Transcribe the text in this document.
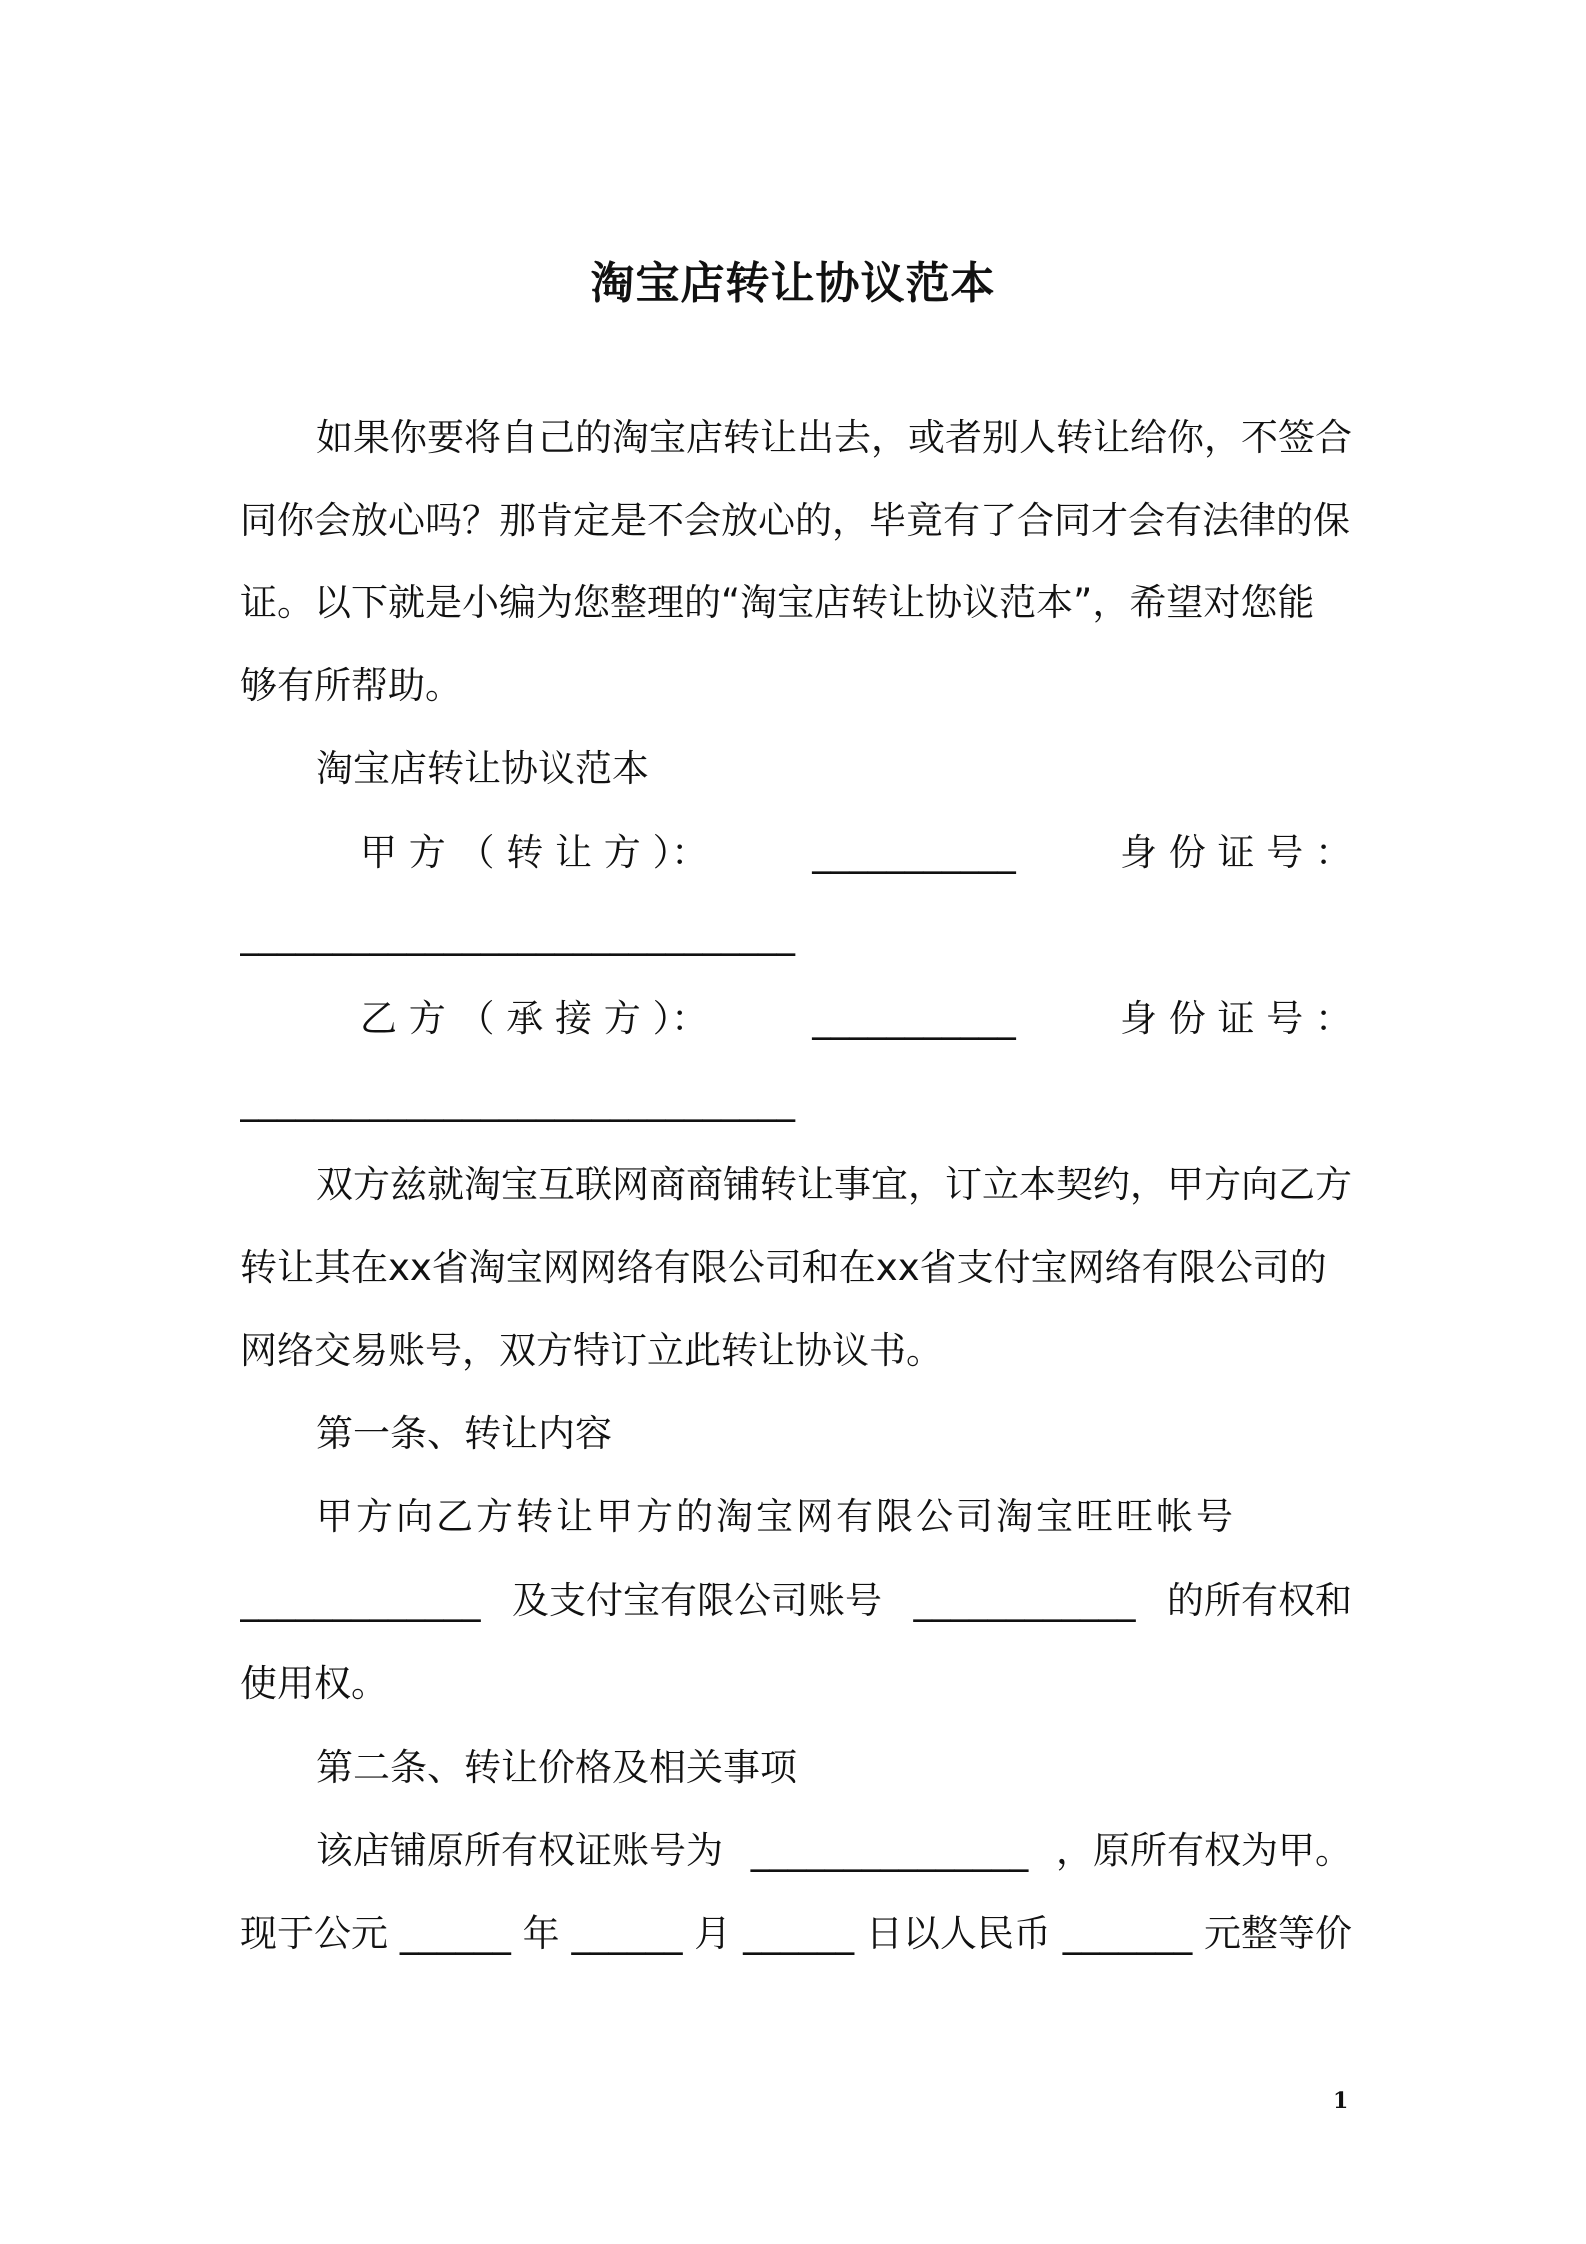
淘宝店转让协议范本
如果你要将自己的淘宝店转让出去，或者别人转让给你，不签合
同你会放心吗？那肯定是不会放心的，毕竟有了合同才会有法律的保
证。以下就是小编为您整理的“淘宝店转让协议范本”，希望对您能
够有所帮助。
淘宝店转让协议范本
甲 方 （ 转 让 方 ）：	___________	身 份 证 号 ：
______________________________
乙 方 （ 承 接 方 ）：	___________	身 份 证 号 ：
______________________________
双方兹就淘宝互联网商商铺转让事宜，订立本契约，甲方向乙方
转让其在xx省淘宝网网络有限公司和在xx省支付宝网络有限公司的
网络交易账号，双方特订立此转让协议书。
第一条、转让内容
甲方向乙方转让甲方的淘宝网有限公司淘宝旺旺帐号
_____________ 及支付宝有限公司账号 ____________ 的所有权和
使用权。
第二条、转让价格及相关事项
该店铺原所有权证账号为 _______________ ，原所有权为甲。
现于公元 ______ 年 ______ 月 ______ 日以人民币 _______ 元整等价
1
